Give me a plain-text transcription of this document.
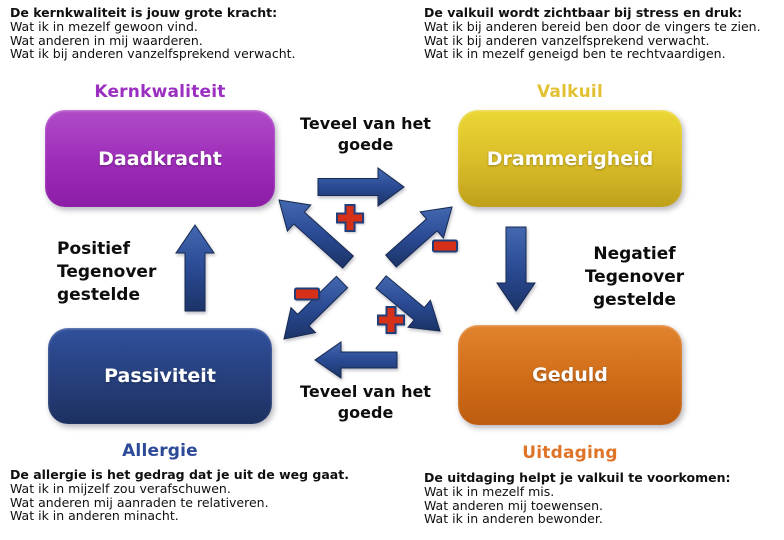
De kernkwaliteit is jouw grote kracht:
Wat ik in mezelf gewoon vind.
Wat anderen in mij waarderen.
Wat ik bij anderen vanzelfsprekend verwacht.
De valkuil wordt zichtbaar bij stress en druk:
Wat ik bij anderen bereid ben door de vingers te zien.
Wat ik bij anderen vanzelfsprekend verwacht.
Wat ik in mezelf geneigd ben te rechtvaardigen.
De allergie is het gedrag dat je uit de weg gaat.
Wat ik in mijzelf zou verafschuwen.
Wat anderen mij aanraden te relativeren.
Wat ik in anderen minacht.
De uitdaging helpt je valkuil te voorkomen:
Wat ik in mezelf mis.
Wat anderen mij toewensen.
Wat ik in anderen bewonder.
Kernkwaliteit	Valkuil
Allergie	Uitdaging
Daadkracht	Drammerigheid
Passiviteit	Geduld
Teveel van het
goede
Teveel van het
goede
Positief
Tegenover
gestelde
Negatief
Tegenover
gestelde
